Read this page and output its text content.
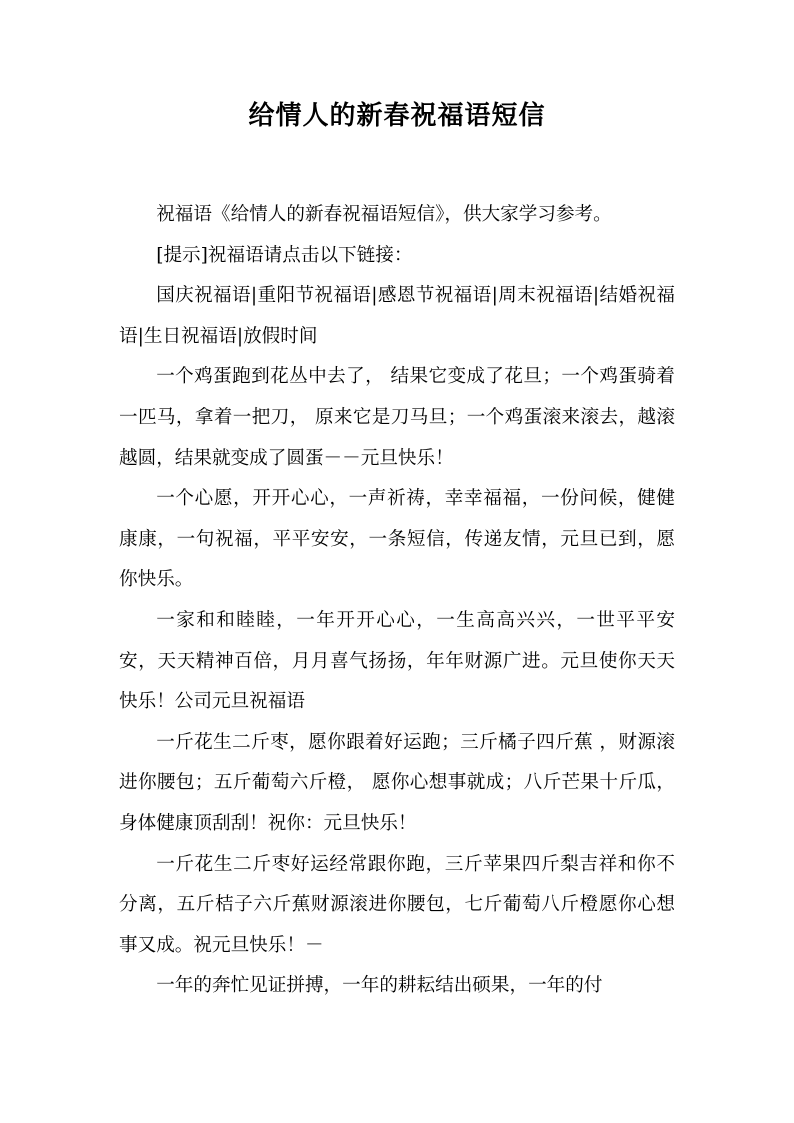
给情人的新春祝福语短信

祝福语《给情人的新春祝福语短信》，供大家学习参考。

[提示]祝福语请点击以下链接：

国庆祝福语|重阳节祝福语|感恩节祝福语|周末祝福语|结婚祝福语|生日祝福语|放假时间

一个鸡蛋跑到花丛中去了， 结果它变成了花旦；一个鸡蛋骑着一匹马，拿着一把刀， 原来它是刀马旦；一个鸡蛋滚来滚去，越滚越圆，结果就变成了圆蛋－－元旦快乐！

一个心愿，开开心心，一声祈祷，幸幸福福，一份问候，健健康康，一句祝福，平平安安，一条短信，传递友情，元旦已到，愿你快乐。

一家和和睦睦，一年开开心心，一生高高兴兴，一世平平安安，天天精神百倍，月月喜气扬扬，年年财源广进。元旦使你天天快乐！公司元旦祝福语

一斤花生二斤枣，愿你跟着好运跑；三斤橘子四斤蕉 ，财源滚进你腰包；五斤葡萄六斤橙， 愿你心想事就成；八斤芒果十斤瓜，身体健康顶刮刮！祝你：元旦快乐！

一斤花生二斤枣好运经常跟你跑，三斤苹果四斤梨吉祥和你不分离，五斤桔子六斤蕉财源滚进你腰包，七斤葡萄八斤橙愿你心想事又成。祝元旦快乐！－

一年的奔忙见证拼搏，一年的耕耘结出硕果，一年的付
